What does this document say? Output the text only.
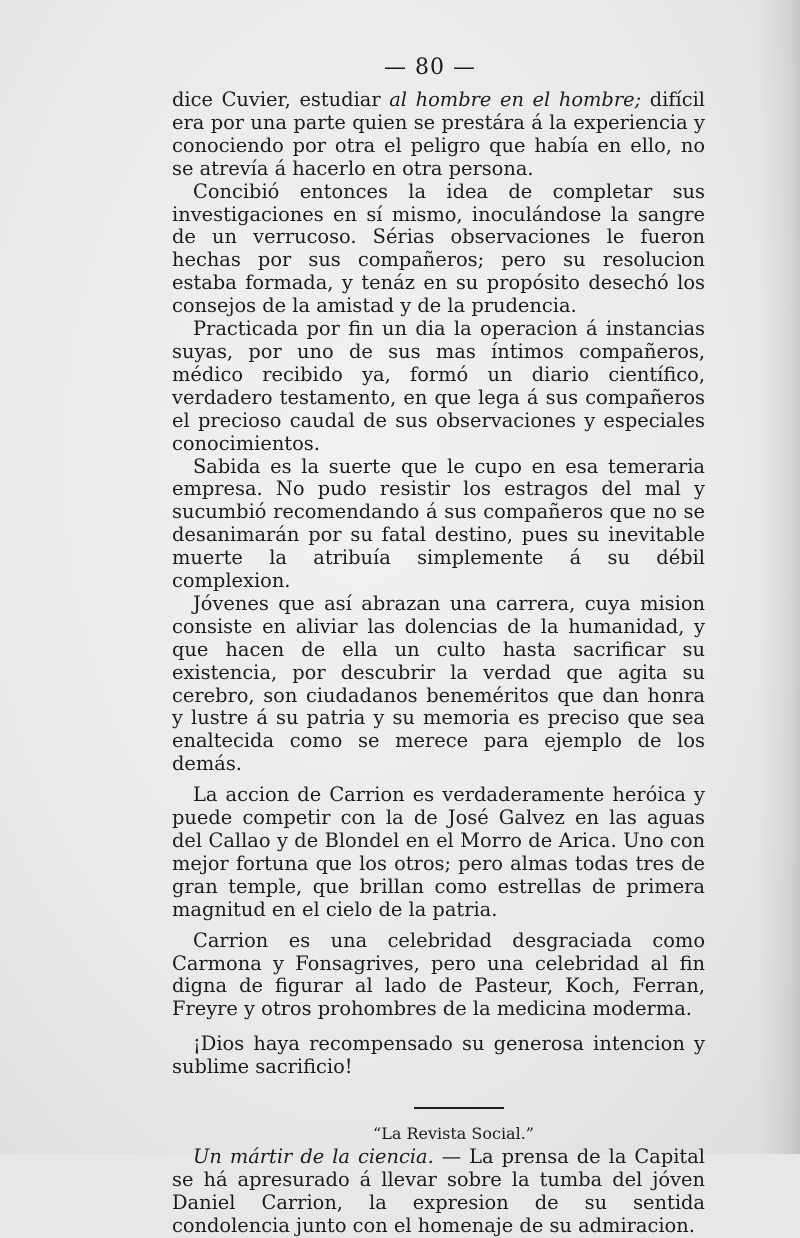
— 80 —

dice Cuvier, estudiar al hombre en el hombre; difícil era por una parte quien se prestára á la experiencia y conociendo por otra el peligro que había en ello, no se atrevía á hacerlo en otra persona.

Concibió entonces la idea de completar sus investigaciones en sí mismo, inoculándose la sangre de un verrucoso. Sérias observaciones le fueron hechas por sus compañeros; pero su resolucion estaba formada, y tenáz en su propósito desechó los consejos de la amistad y de la prudencia.

Practicada por fin un dia la operacion á instancias suyas, por uno de sus mas íntimos compañeros, médico recibido ya, formó un diario científico, verdadero testamento, en que lega á sus compañeros el precioso caudal de sus observaciones y especiales conocimientos.

Sabida es la suerte que le cupo en esa temeraria empresa. No pudo resistir los estragos del mal y sucumbió recomendando á sus compañeros que no se desanimarán por su fatal destino, pues su inevitable muerte la atribuía simplemente á su débil complexion.

Jóvenes que así abrazan una carrera, cuya mision consiste en aliviar las dolencias de la humanidad, y que hacen de ella un culto hasta sacrificar su existencia, por descubrir la verdad que agita su cerebro, son ciudadanos beneméritos que dan honra y lustre á su patria y su memoria es preciso que sea enaltecida como se merece para ejemplo de los demás.

La accion de Carrion es verdaderamente heróica y puede competir con la de José Galvez en las aguas del Callao y de Blondel en el Morro de Arica. Uno con mejor fortuna que los otros; pero almas todas tres de gran temple, que brillan como estrellas de primera magnitud en el cielo de la patria.

Carrion es una celebridad desgraciada como Carmona y Fonsagrives, pero una celebridad al fin digna de figurar al lado de Pasteur, Koch, Ferran, Freyre y otros prohombres de la medicina moderma.

¡Dios haya recompensado su generosa intencion y sublime sacrificio!

“La Revista Social.”

Un mártir de la ciencia. — La prensa de la Capital se há apresurado á llevar sobre la tumba del jóven Daniel Carrion, la expresion de su sentida condolencia junto con el homenaje de su admiracion.
